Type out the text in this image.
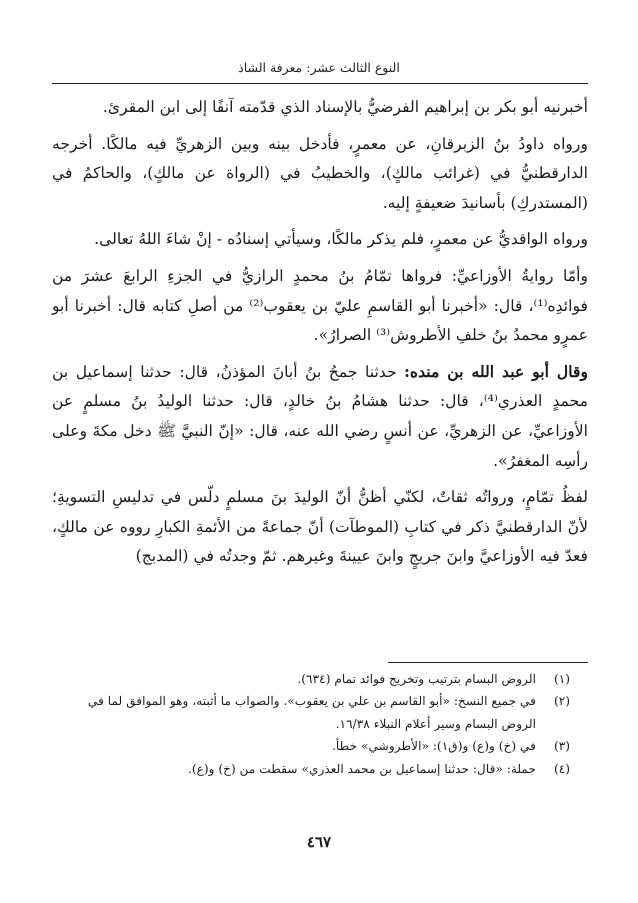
النوع الثالث عشر: معرفة الشاذ

أخبرنيه أبو بكر بن إبراهيم الفرضيُّ بالإسناد الذي قدّمته آنفًا إلى ابن المقرئ.

ورواه داودُ بنُ الزبرقانِ، عن معمرٍ، فأدخل بينه وبين الزهريِّ فيه مالكًا. أخرجه الدارقطنيُّ في (غرائب مالكٍ)، والخطيبُ في (الرواة عن مالكٍ)، والحاكمُ في (المستدركِ) بأسانيدَ ضعيفةٍ إليه.

ورواه الواقديُّ عن معمرٍ، فلم يذكر مالكًا، وسيأتي إسنادُه - إنْ شاءَ اللهُ تعالى.

وأمّا روايةُ الأوزاعيِّ: فرواها تمّامُ بنُ محمدٍ الرازيُّ في الجزءِ الرابعَ عشرَ من فوائدِه⁽¹⁾، قال: «أخبرنا أبو القاسمِ عليّ بن يعقوب⁽²⁾ من أصلِ كتابه قال: أخبرنا أبو عمرٍو محمدُ بنُ خلفِ الأطروش⁽³⁾ الصرارُ».

وقال أبو عبد الله بن منده: حدثنا جمحُ بنُ أبانَ المؤذنُ، قال: حدثنا إسماعيل بن محمدٍ العذري⁽⁴⁾، قال: حدثنا هشامُ بنُ خالدٍ، قال: حدثنا الوليدُ بنُ مسلمٍ عن الأوزاعيِّ، عن الزهريِّ، عن أنسٍ رضي الله عنه، قال: «إنّ النبيَّ ﷺ دخل مكةَ وعلى رأسِه المغفرُ».

لفظُ تمّامٍ، ورواتُه ثقاتٌ، لكنّي أظنُّ أنّ الوليدَ بنَ مسلمٍ دلّس في تدليسِ التسويةِ؛ لأنّ الدارقطنيَّ ذكر في كتابِ (الموطآت) أنّ جماعةً من الأئمةِ الكبارِ رووه عن مالكٍ، فعدّ فيه الأوزاعيَّ وابنَ جريجٍ وابنَ عيينةَ وغيرهم. ثمّ وجدتُه في (المدبج)

(١)
الروض البسام بترتيب وتخريج فوائد تمام (٦٣٤).
(٢)
في جميع النسخ: «أبو القاسم بن علي بن يعقوب». والصواب ما أثبته، وهو الموافق لما في الروض البسام وسير أعلام النبلاء ١٦/٣٨.
(٣)
في (خ) و(ع) و(ق١): «الأطروشي» خطأ.
(٤)
جملة: «قال: حدثنا إسماعيل بن محمد العذري» سقطت من (خ) و(ع).
٤٦٧
